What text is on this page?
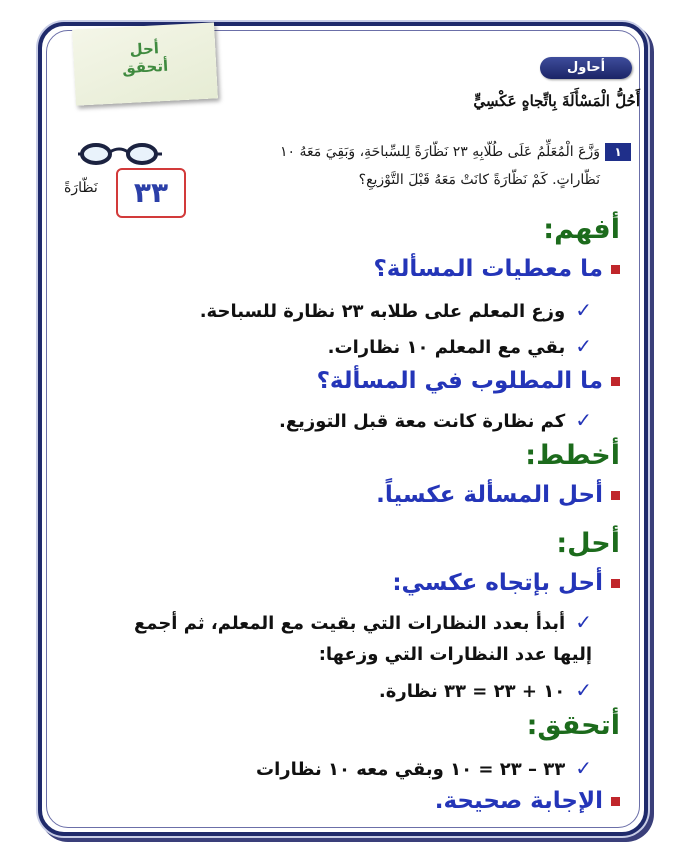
أحل
أتحقق	أحاول
أَحُلُّ الْمَسْأَلَةَ بِاتِّجاهٍ عَكْسِيٍّ
١
وَزَّعَ الْمُعَلِّمُ عَلَى طُلّابِهِ ٢٣ نَظّارَةً لِلسِّباحَةِ، وَبَقِيَ مَعَهُ ١٠
نَظّاراتٍ. كَمْ نَظّارَةً كانَتْ مَعَهُ قَبْلَ التَّوْزيعِ؟
نَظّارَةً	٣٣
أفهم:
ما معطيات المسألة؟
✓وزع المعلم على طلابه ٢٣ نظارة للسباحة.
✓بقي مع المعلم ١٠ نظارات.
ما المطلوب في المسألة؟
✓كم نظارة كانت معة قبل التوزيع.
أخطط:
أحل المسألة عكسياً.
أحل:
أحل بإتجاه عكسي:
✓أبدأ بعدد النظارات التي بقيت مع المعلم، ثم أجمع
إليها عدد النظارات التي وزعها:
✓١٠ + ٢٣ = ٣٣ نظارة.
أتحقق:
✓٣٣ – ٢٣ = ١٠ وبقي معه ١٠ نظارات
الإجابة صحيحة.
